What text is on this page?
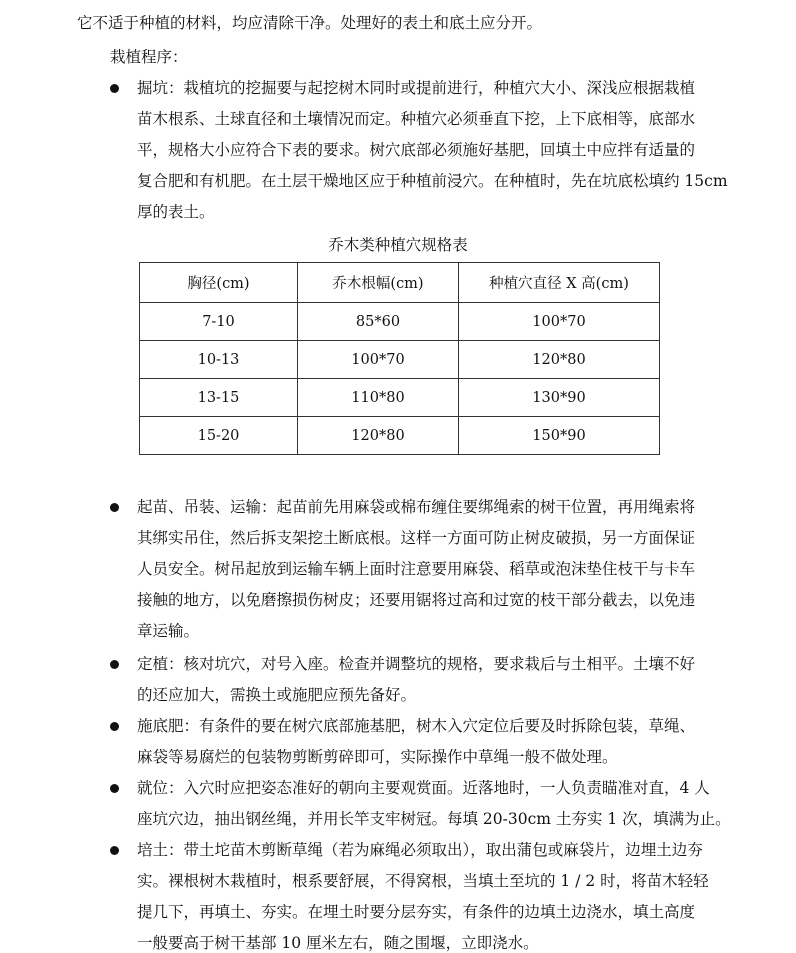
它不适于种植的材料，均应清除干净。处理好的表土和底土应分开。
栽植程序：
掘坑：栽植坑的挖掘要与起挖树木同时或提前进行，种植穴大小、深浅应根据栽植
苗木根系、土球直径和土壤情况而定。种植穴必须垂直下挖，上下底相等，底部水
平，规格大小应符合下表的要求。树穴底部必须施好基肥，回填土中应拌有适量的
复合肥和有机肥。在土层干燥地区应于种植前浸穴。在种植时，先在坑底松填约 15cm
厚的表土。
乔木类种植穴规格表
胸径(cm)	乔木根幅(cm)	种植穴直径 X 高(cm)
7-10	85*60	100*70
10-13	100*70	120*80
13-15	110*80	130*90
15-20	120*80	150*90
起苗、吊装、运输：起苗前先用麻袋或棉布缠住要绑绳索的树干位置，再用绳索将
其绑实吊住，然后拆支架挖土断底根。这样一方面可防止树皮破损，另一方面保证
人员安全。树吊起放到运输车辆上面时注意要用麻袋、稻草或泡沫垫住枝干与卡车
接触的地方，以免磨擦损伤树皮；还要用锯将过高和过宽的枝干部分截去，以免违
章运输。
定植：核对坑穴，对号入座。检查并调整坑的规格，要求栽后与土相平。土壤不好
的还应加大，需换土或施肥应预先备好。
施底肥：有条件的要在树穴底部施基肥，树木入穴定位后要及时拆除包装，草绳、
麻袋等易腐烂的包装物剪断剪碎即可，实际操作中草绳一般不做处理。
就位：入穴时应把姿态准好的朝向主要观赏面。近落地时，一人负责瞄准对直，4 人
座坑穴边，抽出钢丝绳，并用长竿支牢树冠。每填 20-30cm 土夯实 1 次，填满为止。
培土：带土坨苗木剪断草绳（若为麻绳必须取出），取出蒲包或麻袋片，边埋土边夯
实。裸根树木栽植时，根系要舒展，不得窝根，当填土至坑的 1 / 2 时，将苗木轻轻
提几下，再填土、夯实。在埋土时要分层夯实，有条件的边填土边浇水，填土高度
一般要高于树干基部 10 厘米左右，随之围堰，立即浇水。
